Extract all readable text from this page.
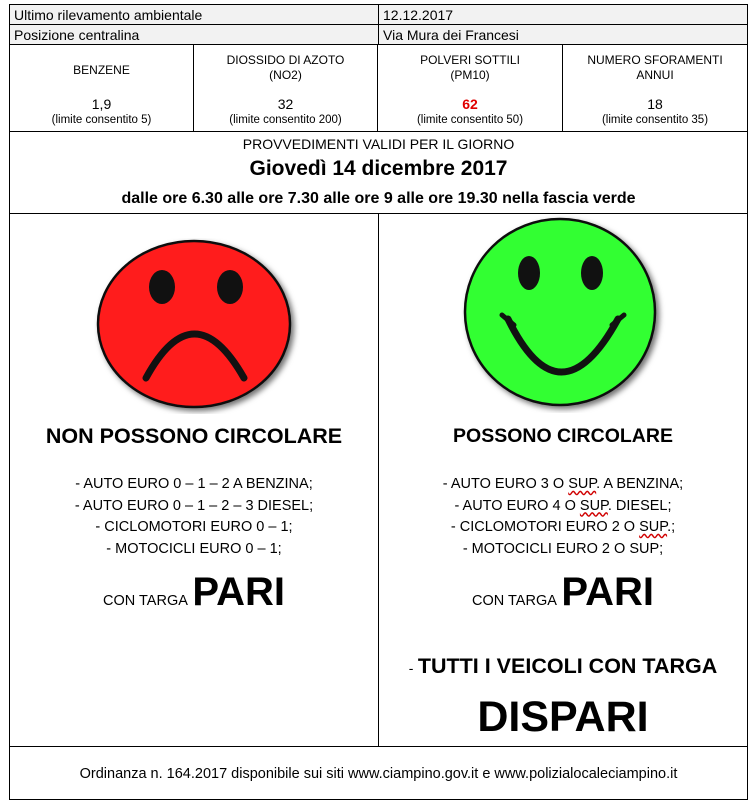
Ultimo rilevamento ambientale	12.12.2017
Posizione centralina	Via Mura dei Francesi
BENZENE
1,9
(limite consentito 5)
DIOSSIDO DI AZOTO
(NO2)
32
(limite consentito 200)
POLVERI SOTTILI
(PM10)
62
(limite consentito 50)
NUMERO SFORAMENTI
ANNUI
18
(limite consentito 35)
PROVVEDIMENTI VALIDI PER IL GIORNO
Giovedì 14 dicembre 2017
dalle ore 6.30 alle ore 7.30 alle ore 9 alle ore 19.30 nella fascia verde
NON POSSONO CIRCOLARE
- AUTO EURO 0 – 1 – 2 A BENZINA;
- AUTO EURO 0 – 1 – 2 – 3 DIESEL;
- CICLOMOTORI EURO 0 – 1;
- MOTOCICLI EURO 0 – 1;
CON TARGA PARI
POSSONO CIRCOLARE
- AUTO EURO 3 O SUP. A BENZINA;
- AUTO EURO 4 O SUP. DIESEL;
- CICLOMOTORI EURO 2 O SUP.;
- MOTOCICLI EURO 2 O SUP;
CON TARGA PARI
- TUTTI I VEICOLI CON TARGA
DISPARI
Ordinanza n. 164.2017 disponibile sui siti www.ciampino.gov.it e www.polizialocaleciampino.it
